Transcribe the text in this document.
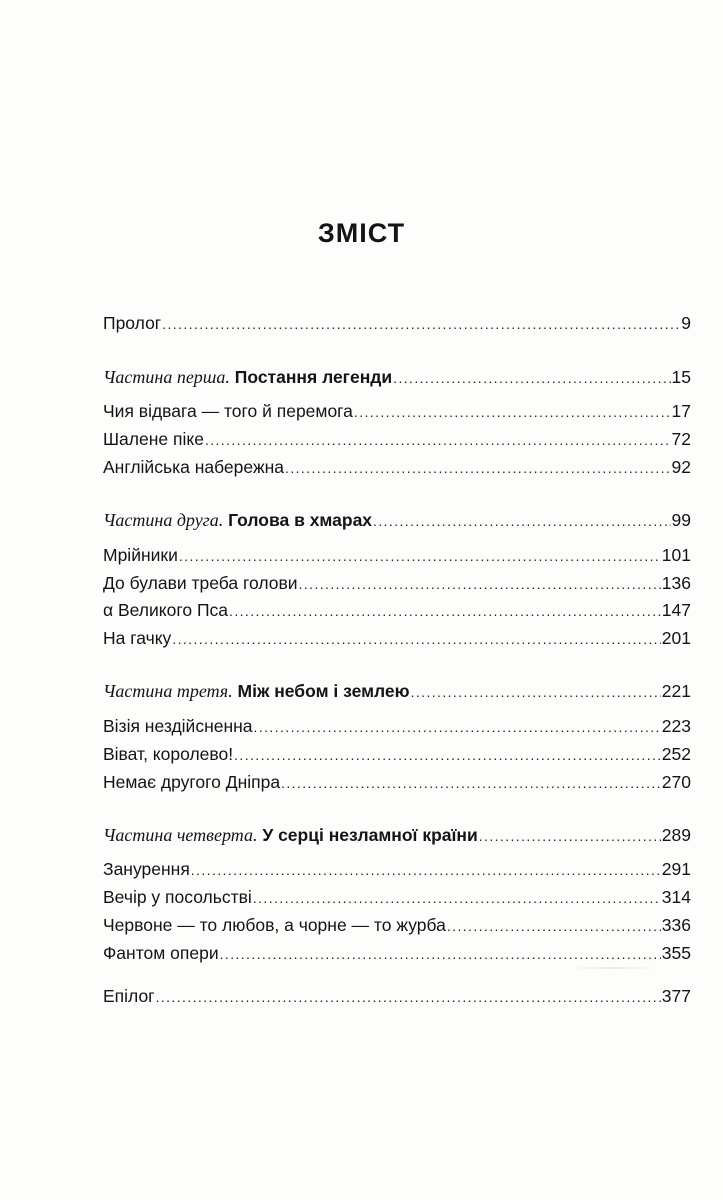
ЗМІСТ
Пролог .....	9
Частина перша. Постання легенди .....	15
Чия відвага — того й перемога .....	17
Шалене піке .....	72
Англійська набережна .....	92
Частина друга. Голова в хмарах .....	99
Мрійники .....	101
До булави треба голови .....	136
α Великого Пса .....	147
На гачку .....	201
Частина третя. Між небом і землею .....	221
Візія нездійсненна .....	223
Віват, королево! .....	252
Немає другого Дніпра .....	270
Частина четверта. У серці незламної країни .....	289
Занурення .....	291
Вечір у посольстві .....	314
Червоне — то любов, а чорне — то журба .....	336
Фантом опери .....	355
Епілог .....	377
